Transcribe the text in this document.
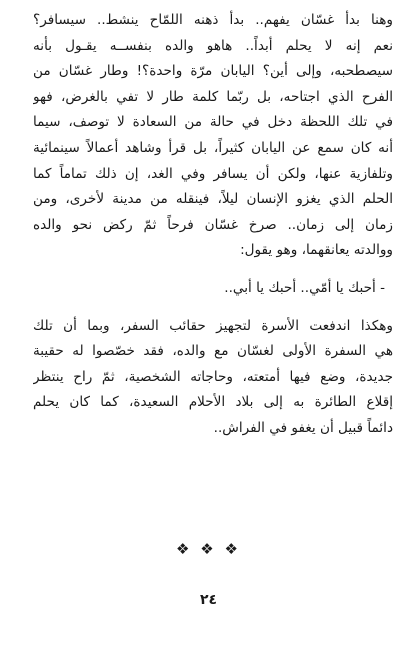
وهنا بدأ غسّان يفهم.. بدأ ذهنه اللمّاح ينشط.. سيسافر؟
نعم إنه لا يحلم أبداً.. هاهو والده بنفســه يقـول بأنه
سيصطحبه، وإلى أين؟ اليابان مرّة واحدة؟! وطار غسّان من
الفرح الذي اجتاحه، بل ربّما كلمة طار لا تفي بالغرض، فهو
في تلك اللحظة دخل في حالة من السعادة لا توصف، سيما
أنه كان سمع عن اليابان كثيراً، بل قرأ وشاهد أعمالاً سينمائية
وتلفازية عنها، ولكن أن يسافر وفي الغد، إن ذلك تماماً كما
الحلم الذي يغزو الإنسان ليلاً، فينقله من مدينة لأخرى، ومن
زمان إلى زمان.. صرخ غسّان فرحاً ثمّ ركض نحو والده
ووالدته يعانقهما، وهو يقول:
- أحبك يا أمّي.. أحبك يا أبي..
وهكذا اندفعت الأسرة لتجهيز حقائب السفر، وبما أن تلك
هي السفرة الأولى لغسّان مع والده، فقد خصّصوا له حقيبة
جديدة، وضع فيها أمتعته، وحاجاته الشخصية، ثمّ راح ينتظر
إقلاع الطائرة به إلى بلاد الأحلام السعيدة، كما كان يحلم
دائماً قبيل أن يغفو في الفراش..
❖ ❖ ❖
٢٤
